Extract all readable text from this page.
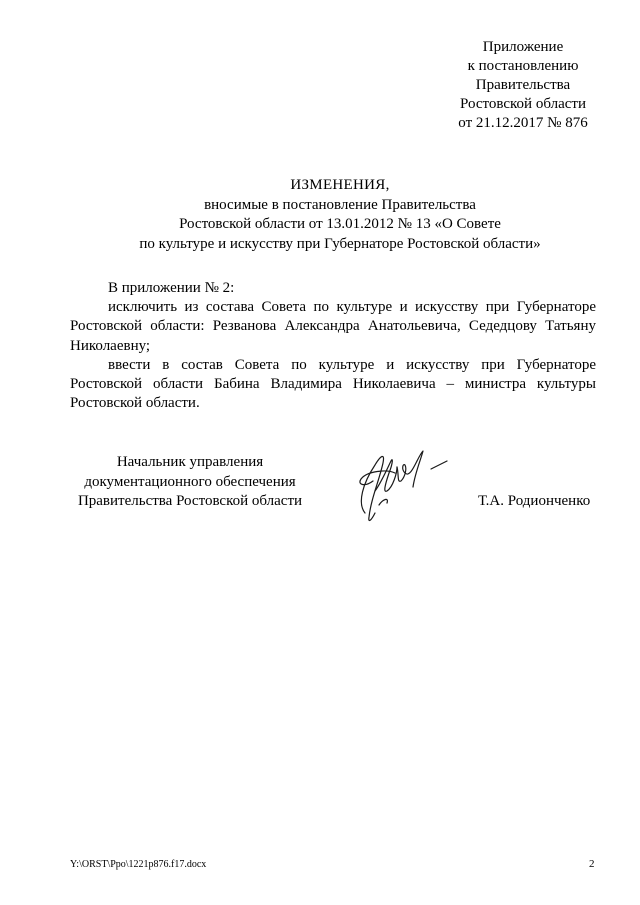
Приложение
к постановлению
Правительства
Ростовской области
от 21.12.2017 № 876
ИЗМЕНЕНИЯ,
вносимые в постановление Правительства
Ростовской области от 13.01.2012 № 13 «О Совете
по культуре и искусству при Губернаторе Ростовской области»
В приложении № 2:
исключить из состава Совета по культуре и искусству при Губернаторе Ростовской области: Резванова Александра Анатольевича, Седедцову Татьяну Николаевну;
ввести в состав Совета по культуре и искусству при Губернаторе Ростовской области Бабина Владимира Николаевича – министра культуры Ростовской области.
Начальник управления
документационного обеспечения
Правительства Ростовской области	Т.А. Родионченко
Y:\ORST\Ppo\1221p876.f17.docx	2
